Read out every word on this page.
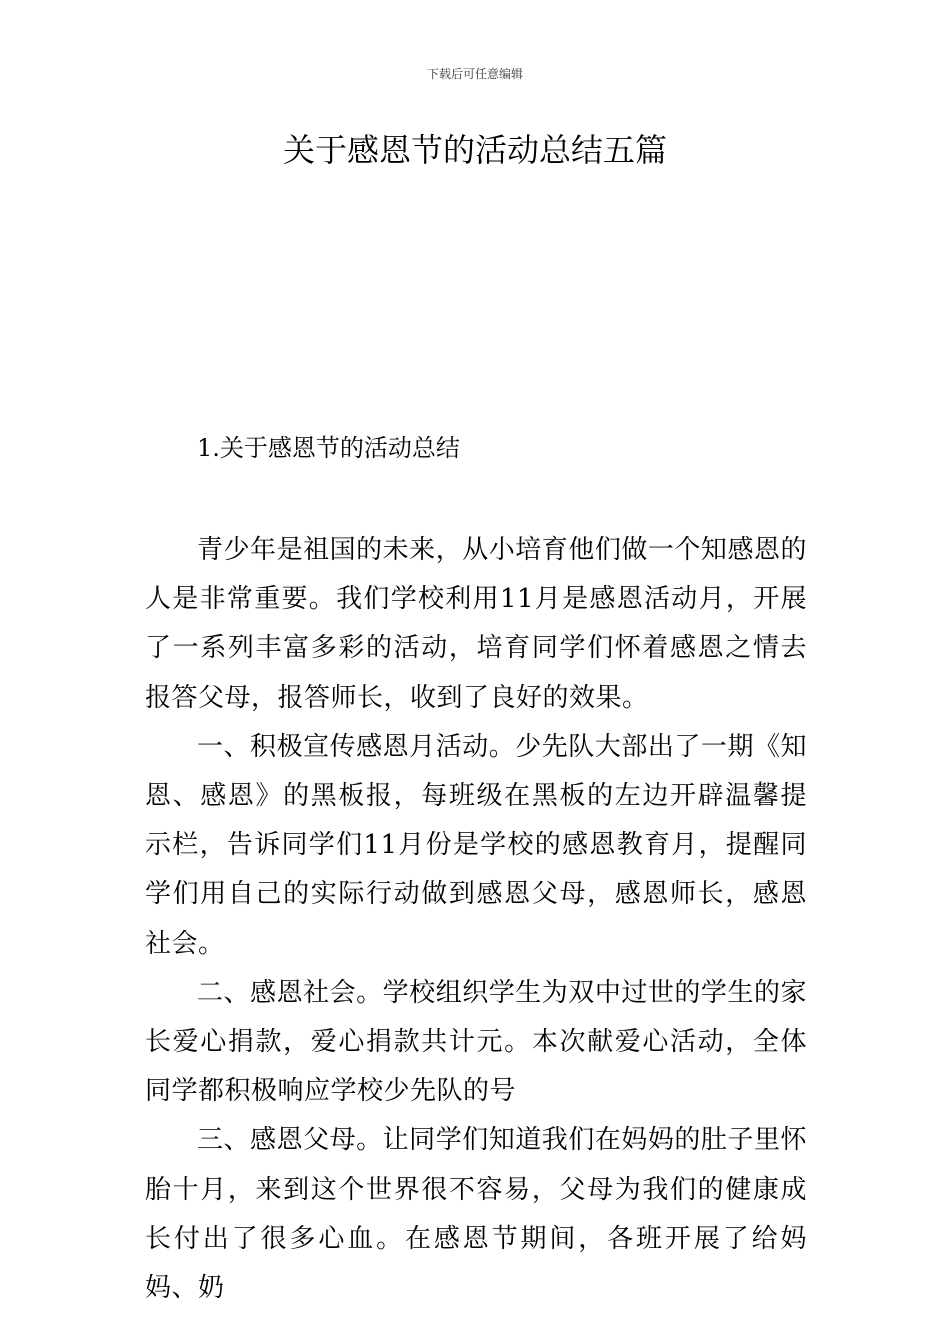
下载后可任意编辑
关于感恩节的活动总结五篇
1.关于感恩节的活动总结

青少年是祖国的未来，从小培育他们做一个知感恩的人是非常重要。我们学校利用11月是感恩活动月，开展了一系列丰富多彩的活动，培育同学们怀着感恩之情去报答父母，报答师长，收到了良好的效果。

一、积极宣传感恩月活动。少先队大部出了一期《知恩、感恩》的黑板报，每班级在黑板的左边开辟温馨提示栏，告诉同学们11月份是学校的感恩教育月，提醒同学们用自己的实际行动做到感恩父母，感恩师长，感恩社会。

二、感恩社会。学校组织学生为双中过世的学生的家长爱心捐款，爱心捐款共计元。本次献爱心活动，全体同学都积极响应学校少先队的号

三、感恩父母。让同学们知道我们在妈妈的肚子里怀胎十月，来到这个世界很不容易，父母为我们的健康成长付出了很多心血。在感恩节期间，各班开展了给妈妈、奶
